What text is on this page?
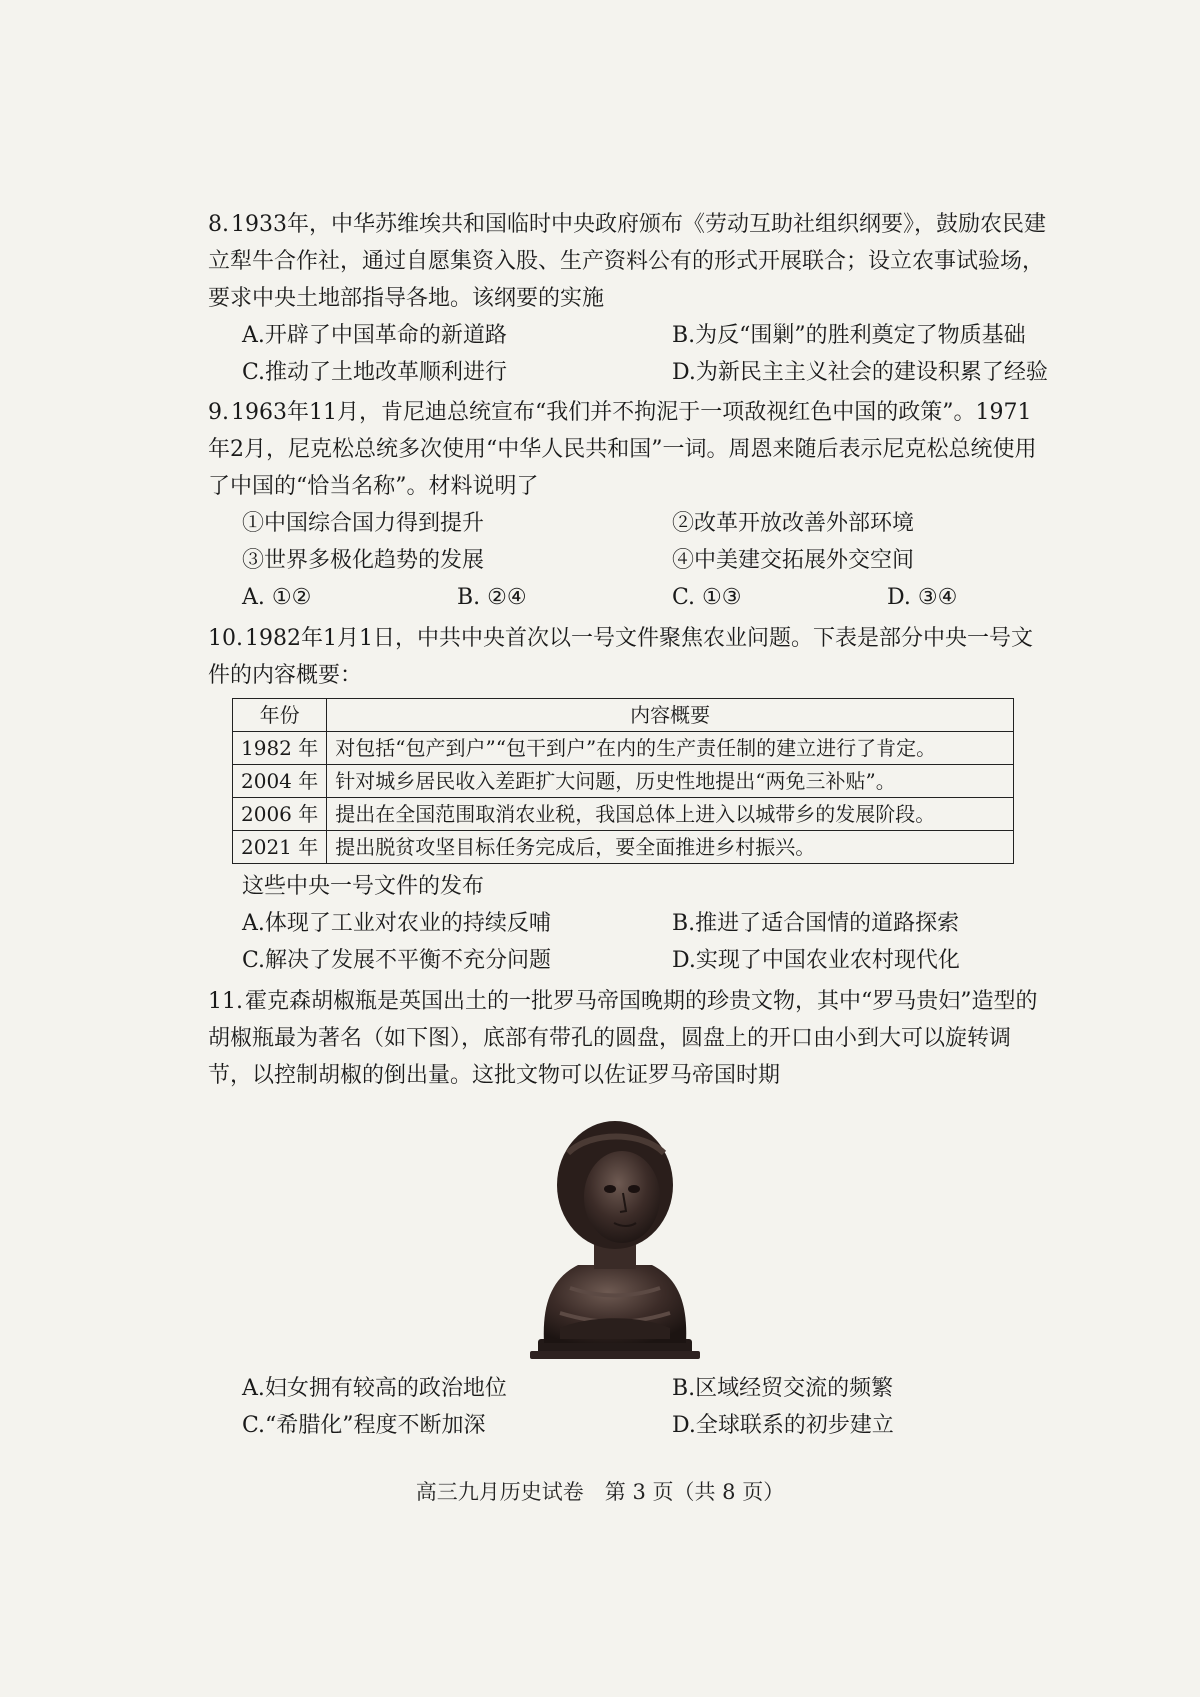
8.1933年，中华苏维埃共和国临时中央政府颁布《劳动互助社组织纲要》，鼓励农民建立犁牛合作社，通过自愿集资入股、生产资料公有的形式开展联合；设立农事试验场，要求中央土地部指导各地。该纲要的实施

A.开辟了中国革命的新道路	B.为反“围剿”的胜利奠定了物质基础
C.推动了土地改革顺利进行	D.为新民主主义社会的建设积累了经验

9.1963年11月，肯尼迪总统宣布“我们并不拘泥于一项敌视红色中国的政策”。1971年2月，尼克松总统多次使用“中华人民共和国”一词。周恩来随后表示尼克松总统使用了中国的“恰当名称”。材料说明了

①中国综合国力得到提升	②改革开放改善外部环境
③世界多极化趋势的发展	④中美建交拓展外交空间
A. ①②	B. ②④	C. ①③	D. ③④

10.1982年1月1日，中共中央首次以一号文件聚焦农业问题。下表是部分中央一号文件的内容概要：

年份	内容概要
1982 年	对包括“包产到户”“包干到户”在内的生产责任制的建立进行了肯定。
2004 年	针对城乡居民收入差距扩大问题，历史性地提出“两免三补贴”。
2006 年	提出在全国范围取消农业税，我国总体上进入以城带乡的发展阶段。
2021 年	提出脱贫攻坚目标任务完成后，要全面推进乡村振兴。
这些中央一号文件的发布
A.体现了工业对农业的持续反哺	B.推进了适合国情的道路探索
C.解决了发展不平衡不充分问题	D.实现了中国农业农村现代化

11.霍克森胡椒瓶是英国出土的一批罗马帝国晚期的珍贵文物，其中“罗马贵妇”造型的胡椒瓶最为著名（如下图），底部有带孔的圆盘，圆盘上的开口由小到大可以旋转调节，以控制胡椒的倒出量。这批文物可以佐证罗马帝国时期

A.妇女拥有较高的政治地位	B.区域经贸交流的频繁
C.“希腊化”程度不断加深	D.全球联系的初步建立
高三九月历史试卷　第 3 页（共 8 页）
